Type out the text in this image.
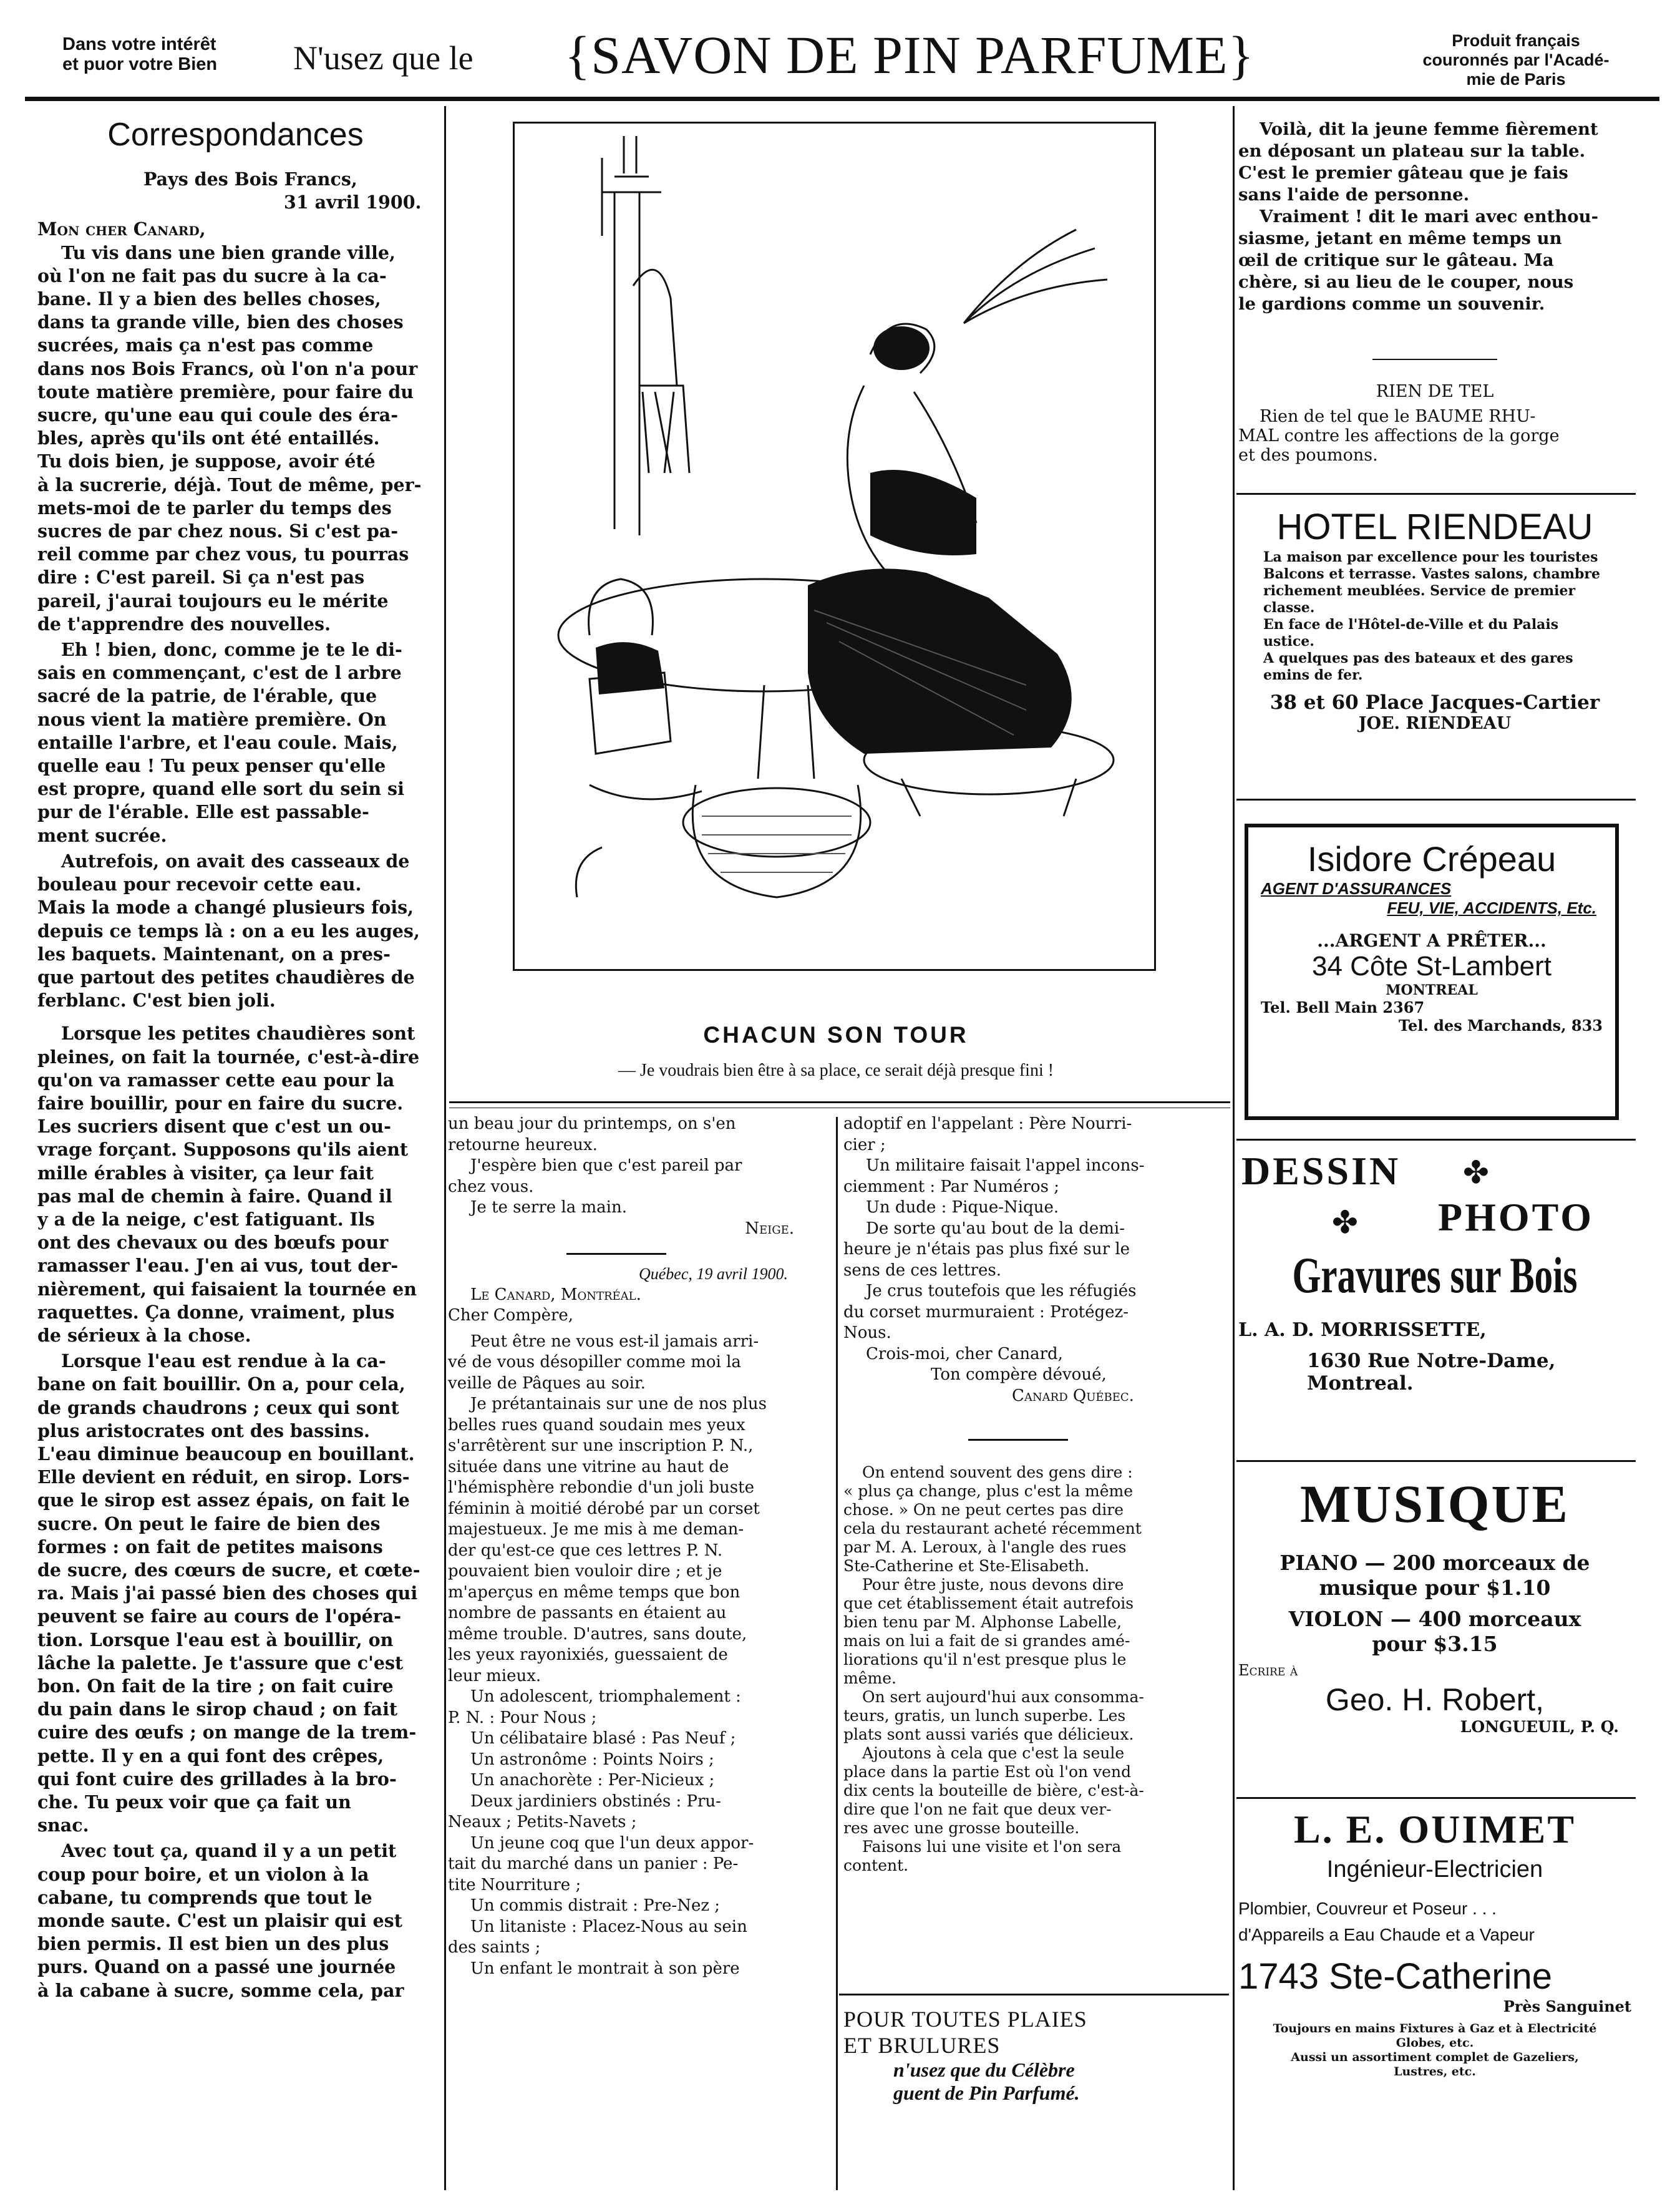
Dans votre intérêt
et puor votre Bien	N'usez que le {SAVON DE PIN PARFUME}	Produit français
couronnés par l'Acadé-
mie de Paris
Correspondances
Pays des Bois Francs,
31 avril 1900.
Mon cher Canard,
Tu vis dans une bien grande ville,
où l'on ne fait pas du sucre à la ca-
bane. Il y a bien des belles choses,
dans ta grande ville, bien des choses
sucrées, mais ça n'est pas comme
dans nos Bois Francs, où l'on n'a pour
toute matière première, pour faire du
sucre, qu'une eau qui coule des éra-
bles, après qu'ils ont été entaillés.
Tu dois bien, je suppose, avoir été
à la sucrerie, déjà. Tout de même, per-
mets-moi de te parler du temps des
sucres de par chez nous. Si c'est pa-
reil comme par chez vous, tu pourras
dire : C'est pareil. Si ça n'est pas
pareil, j'aurai toujours eu le mérite
de t'apprendre des nouvelles.
Eh ! bien, donc, comme je te le di-
sais en commençant, c'est de l arbre
sacré de la patrie, de l'érable, que
nous vient la matière première. On
entaille l'arbre, et l'eau coule. Mais,
quelle eau ! Tu peux penser qu'elle
est propre, quand elle sort du sein si
pur de l'érable. Elle est passable-
ment sucrée.
Autrefois, on avait des casseaux de
bouleau pour recevoir cette eau.
Mais la mode a changé plusieurs fois,
depuis ce temps là : on a eu les auges,
les baquets. Maintenant, on a pres-
que partout des petites chaudières de
ferblanc. C'est bien joli.
Lorsque les petites chaudières sont
pleines, on fait la tournée, c'est-à-dire
qu'on va ramasser cette eau pour la
faire bouillir, pour en faire du sucre.
Les sucriers disent que c'est un ou-
vrage forçant. Supposons qu'ils aient
mille érables à visiter, ça leur fait
pas mal de chemin à faire. Quand il
y a de la neige, c'est fatiguant. Ils
ont des chevaux ou des bœufs pour
ramasser l'eau. J'en ai vus, tout der-
nièrement, qui faisaient la tournée en
raquettes. Ça donne, vraiment, plus
de sérieux à la chose.
Lorsque l'eau est rendue à la ca-
bane on fait bouillir. On a, pour cela,
de grands chaudrons ; ceux qui sont
plus aristocrates ont des bassins.
L'eau diminue beaucoup en bouillant.
Elle devient en réduit, en sirop. Lors-
que le sirop est assez épais, on fait le
sucre. On peut le faire de bien des
formes : on fait de petites maisons
de sucre, des cœurs de sucre, et cœte-
ra. Mais j'ai passé bien des choses qui
peuvent se faire au cours de l'opéra-
tion. Lorsque l'eau est à bouillir, on
lâche la palette. Je t'assure que c'est
bon. On fait de la tire ; on fait cuire
du pain dans le sirop chaud ; on fait
cuire des œufs ; on mange de la trem-
pette. Il y en a qui font des crêpes,
qui font cuire des grillades à la bro-
che. Tu peux voir que ça fait un
snac.
Avec tout ça, quand il y a un petit
coup pour boire, et un violon à la
cabane, tu comprends que tout le
monde saute. C'est un plaisir qui est
bien permis. Il est bien un des plus
purs. Quand on a passé une journée
à la cabane à sucre, somme cela, par
CHACUN SON TOUR
— Je voudrais bien être à sa place, ce serait déjà presque fini !
un beau jour du printemps, on s'en
retourne heureux.
J'espère bien que c'est pareil par
chez vous.
Je te serre la main.
Neige.
Québec, 19 avril 1900.
Le Canard, Montréal.
Cher Compère,
Peut être ne vous est-il jamais arri-
vé de vous désopiller comme moi la
veille de Pâques au soir.
Je prétantainais sur une de nos plus
belles rues quand soudain mes yeux
s'arrêtèrent sur une inscription P. N.,
située dans une vitrine au haut de
l'hémisphère rebondie d'un joli buste
féminin à moitié dérobé par un corset
majestueux. Je me mis à me deman-
der qu'est-ce que ces lettres P. N.
pouvaient bien vouloir dire ; et je
m'aperçus en même temps que bon
nombre de passants en étaient au
même trouble. D'autres, sans doute,
les yeux rayonixiés, guessaient de
leur mieux.
Un adolescent, triomphalement :
P. N. : Pour Nous ;
Un célibataire blasé : Pas Neuf ;
Un astronôme : Points Noirs ;
Un anachorète : Per-Nicieux ;
Deux jardiniers obstinés : Pru-
Neaux ; Petits-Navets ;
Un jeune coq que l'un deux appor-
tait du marché dans un panier : Pe-
tite Nourriture ;
Un commis distrait : Pre-Nez ;
Un litaniste : Placez-Nous au sein
des saints ;
Un enfant le montrait à son père
adoptif en l'appelant : Père Nourri-
cier ;
Un militaire faisait l'appel incons-
ciemment : Par Numéros ;
Un dude : Pique-Nique.
De sorte qu'au bout de la demi-
heure je n'étais pas plus fixé sur le
sens de ces lettres.
Je crus toutefois que les réfugiés
du corset murmuraient : Protégez-
Nous.
Crois-moi, cher Canard,
Ton compère dévoué,
Canard Québec.
On entend souvent des gens dire :
« plus ça change, plus c'est la même
chose. » On ne peut certes pas dire
cela du restaurant acheté récemment
par M. A. Leroux, à l'angle des rues
Ste-Catherine et Ste-Elisabeth.
Pour être juste, nous devons dire
que cet établissement était autrefois
bien tenu par M. Alphonse Labelle,
mais on lui a fait de si grandes amé-
liorations qu'il n'est presque plus le
même.
On sert aujourd'hui aux consomma-
teurs, gratis, un lunch superbe. Les
plats sont aussi variés que délicieux.
Ajoutons à cela que c'est la seule
place dans la partie Est où l'on vend
dix cents la bouteille de bière, c'est-à-
dire que l'on ne fait que deux ver-
res avec une grosse bouteille.
Faisons lui une visite et l'on sera
content.
POUR TOUTES PLAIES
ET BRULURES
n'usez que du Célèbre
guent de Pin Parfumé.
Voilà, dit la jeune femme fièrement
en déposant un plateau sur la table.
C'est le premier gâteau que je fais
sans l'aide de personne.
Vraiment ! dit le mari avec enthou-
siasme, jetant en même temps un
œil de critique sur le gâteau. Ma
chère, si au lieu de le couper, nous
le gardions comme un souvenir.
RIEN DE TEL
Rien de tel que le BAUME RHU-
MAL contre les affections de la gorge
et des poumons.
HOTEL RIENDEAU
La maison par excellence pour les touristes
Balcons et terrasse. Vastes salons, chambre
richement meublées. Service de premier
classe.
En face de l'Hôtel-de-Ville et du Palais
ustice.
A quelques pas des bateaux et des gares
emins de fer.
38 et 60 Place Jacques-Cartier
JOE. RIENDEAU
Isidore Crépeau
AGENT D'ASSURANCES
FEU, VIE, ACCIDENTS, Etc.
...ARGENT A PRÊTER...
34 Côte St-Lambert
MONTREAL
Tel. Bell Main 2367
Tel. des Marchands, 833
DESSIN	✤
✤	PHOTO
Gravures sur Bois
L. A. D. MORRISSETTE,
1630 Rue Notre-Dame, Montreal.
MUSIQUE
PIANO — 200 morceaux de
musique pour $1.10
VIOLON — 400 morceaux
pour $3.15
Ecrire à
Geo. H. Robert,
LONGUEUIL, P. Q.
L. E. OUIMET
Ingénieur-Electricien
Plombier, Couvreur et Poseur . . .
d'Appareils a Eau Chaude et a Vapeur
1743 Ste-Catherine
Près Sanguinet
Toujours en mains Fixtures à Gaz et à Electricité
Globes, etc.
Aussi un assortiment complet de Gazeliers,
Lustres, etc.
